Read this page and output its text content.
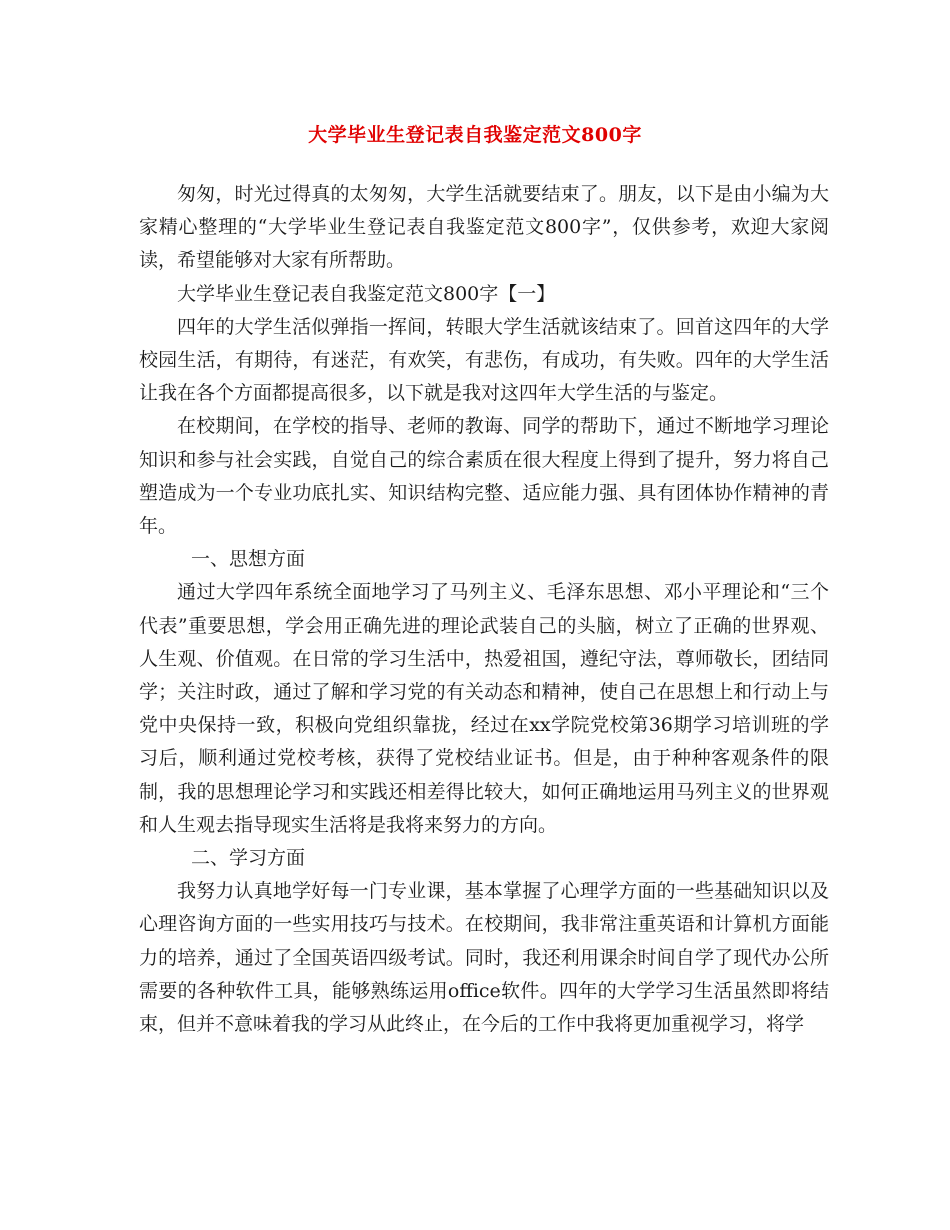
大学毕业生登记表自我鉴定范文800字

匆匆，时光过得真的太匆匆，大学生活就要结束了。朋友，以下是由小编为大家精心整理的“大学毕业生登记表自我鉴定范文800字”，仅供参考，欢迎大家阅读，希望能够对大家有所帮助。

大学毕业生登记表自我鉴定范文800字【一】

四年的大学生活似弹指一挥间，转眼大学生活就该结束了。回首这四年的大学校园生活，有期待，有迷茫，有欢笑，有悲伤，有成功，有失败。四年的大学生活让我在各个方面都提高很多，以下就是我对这四年大学生活的与鉴定。

在校期间，在学校的指导、老师的教诲、同学的帮助下，通过不断地学习理论知识和参与社会实践，自觉自己的综合素质在很大程度上得到了提升，努力将自己塑造成为一个专业功底扎实、知识结构完整、适应能力强、具有团体协作精神的青年。

一、思想方面

通过大学四年系统全面地学习了马列主义、毛泽东思想、邓小平理论和“三个代表”重要思想，学会用正确先进的理论武装自己的头脑，树立了正确的世界观、人生观、价值观。在日常的学习生活中，热爱祖国，遵纪守法，尊师敬长，团结同学；关注时政，通过了解和学习党的有关动态和精神，使自己在思想上和行动上与党中央保持一致，积极向党组织靠拢，经过在xx学院党校第36期学习培训班的学习后，顺利通过党校考核，获得了党校结业证书。但是，由于种种客观条件的限制，我的思想理论学习和实践还相差得比较大，如何正确地运用马列主义的世界观和人生观去指导现实生活将是我将来努力的方向。

二、学习方面

我努力认真地学好每一门专业课，基本掌握了心理学方面的一些基础知识以及心理咨询方面的一些实用技巧与技术。在校期间，我非常注重英语和计算机方面能力的培养，通过了全国英语四级考试。同时，我还利用课余时间自学了现代办公所需要的各种软件工具，能够熟练运用office软件。四年的大学学习生活虽然即将结束，但并不意味着我的学习从此终止，在今后的工作中我将更加重视学习，将学
